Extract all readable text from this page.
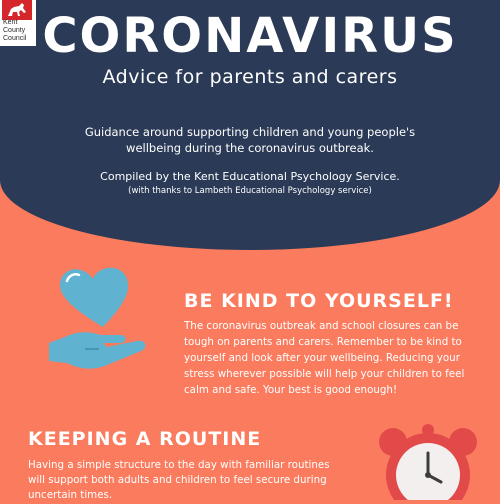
Kent
County
Council CORONAVIRUS
Advice for parents and carers
Guidance around supporting children and young people's wellbeing during the coronavirus outbreak.
Compiled by the Kent Educational Psychology Service.
(with thanks to Lambeth Educational Psychology service)
BE KIND TO YOURSELF!
The coronavirus outbreak and school closures can be tough on parents and carers. Remember to be kind to yourself and look after your wellbeing. Reducing your stress wherever possible will help your children to feel calm and safe. Your best is good enough!
KEEPING A ROUTINE
Having a simple structure to the day with familiar routines will support both adults and children to feel secure during uncertain times.
